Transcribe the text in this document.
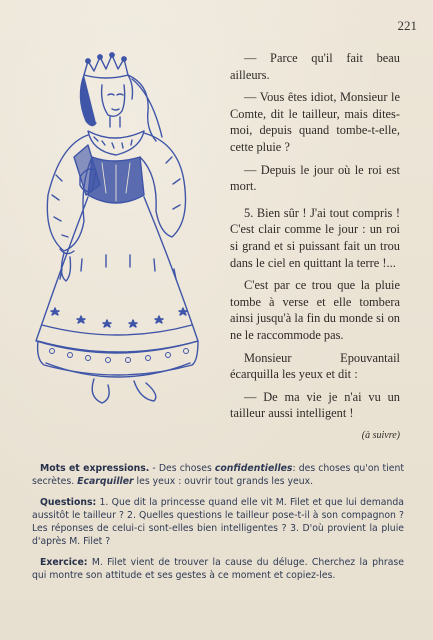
221

— Parce qu'il fait beau ailleurs.

— Vous êtes idiot, Monsieur le Comte, dit le tailleur, mais dites-moi, depuis quand tombe-t-elle, cette pluie ?

— Depuis le jour où le roi est mort.

5. Bien sûr ! J'ai tout compris ! C'est clair comme le jour : un roi si grand et si puissant fait un trou dans le ciel en quittant la terre !...

C'est par ce trou que la pluie tombe à verse et elle tombera ainsi jusqu'à la fin du monde si on ne le raccommode pas.

Monsieur Epouvantail écarquilla les yeux et dit :

— De ma vie je n'ai vu un tailleur aussi intelligent !

(à suivre)

Mots et expressions. - Des choses confidentielles: des choses qu'on tient secrètes. Ecarquiller les yeux : ouvrir tout grands les yeux.

Questions: 1. Que dit la princesse quand elle vit M. Filet et que lui demanda aussitôt le tailleur ? 2. Quelles questions le tailleur pose-t-il à son compagnon ? Les réponses de celui-ci sont-elles bien intelligentes ? 3. D'où provient la pluie d'après M. Filet ?

Exercice: M. Filet vient de trouver la cause du déluge. Cherchez la phrase qui montre son attitude et ses gestes à ce moment et copiez-les.
